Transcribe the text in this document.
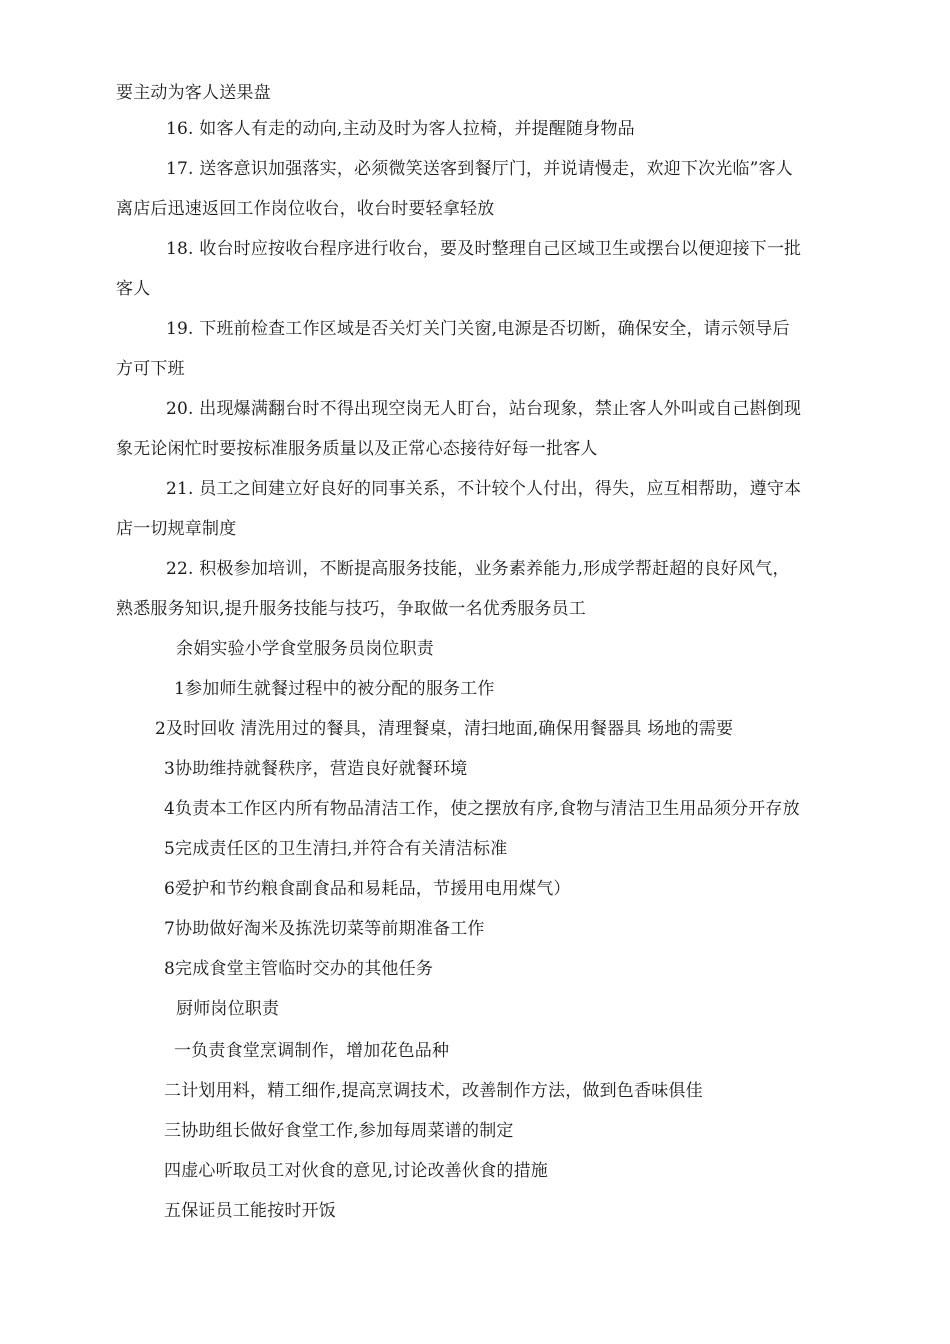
要主动为客人送果盘
16. 如客人有走的动向,主动及时为客人拉椅，并提醒随身物品
17. 送客意识加强落实，必须微笑送客到餐厅门，并说请慢走，欢迎下次光临”客人
离店后迅速返回工作岗位收台，收台时要轻拿轻放
18. 收台时应按收台程序进行收台，要及时整理自己区域卫生或摆台以便迎接下一批
客人
19. 下班前检查工作区域是否关灯关门关窗,电源是否切断，确保安全，请示领导后
方可下班
20. 出现爆满翻台时不得出现空岗无人盯台，站台现象，禁止客人外叫或自己斟倒现
象无论闲忙时要按标准服务质量以及正常心态接待好每一批客人
21. 员工之间建立好良好的同事关系，不计较个人付出，得失，应互相帮助，遵守本
店一切规章制度
22. 积极参加培训，不断提高服务技能，业务素养能力,形成学帮赶超的良好风气，
熟悉服务知识,提升服务技能与技巧，争取做一名优秀服务员工
余娟实验小学食堂服务员岗位职责
1参加师生就餐过程中的被分配的服务工作
2及时回收 清洗用过的餐具，清理餐桌，清扫地面,确保用餐器具 场地的需要
3协助维持就餐秩序，营造良好就餐环境
4负责本工作区内所有物品清洁工作，使之摆放有序,食物与清洁卫生用品须分开存放
5完成责任区的卫生清扫,并符合有关清洁标准
6爱护和节约粮食副食品和易耗品，节援用电用煤气）
7协助做好淘米及拣洗切菜等前期准备工作
8完成食堂主管临时交办的其他任务
厨师岗位职责
一负责食堂烹调制作，增加花色品种
二计划用料，精工细作,提高烹调技术，改善制作方法，做到色香味俱佳
三协助组长做好食堂工作,参加每周菜谱的制定
四虚心听取员工对伙食的意见,讨论改善伙食的措施
五保证员工能按时开饭
